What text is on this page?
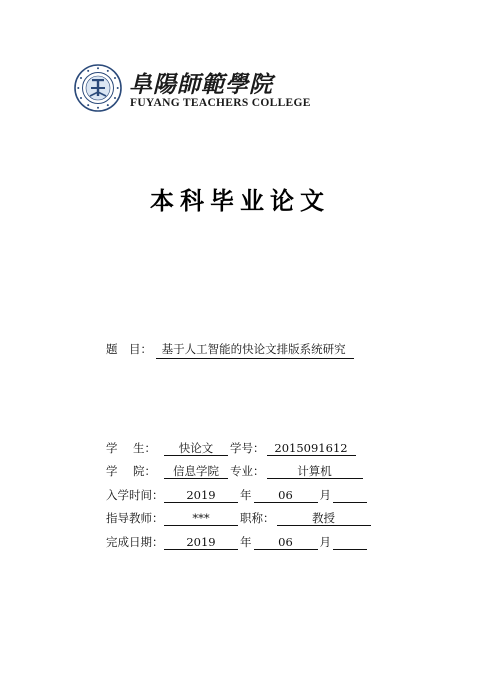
阜陽師範學院
FUYANG TEACHERS COLLEGE
本科毕业论文
题　目： 基于人工智能的快论文排版系统研究
学 生：	快论文	学号： 2015091612
学 院：	信息学院 专业：	计算机
入学时间：	2019	年	06	月
指导教师：	***	职称：	教授
完成日期：	2019	年	06	月
